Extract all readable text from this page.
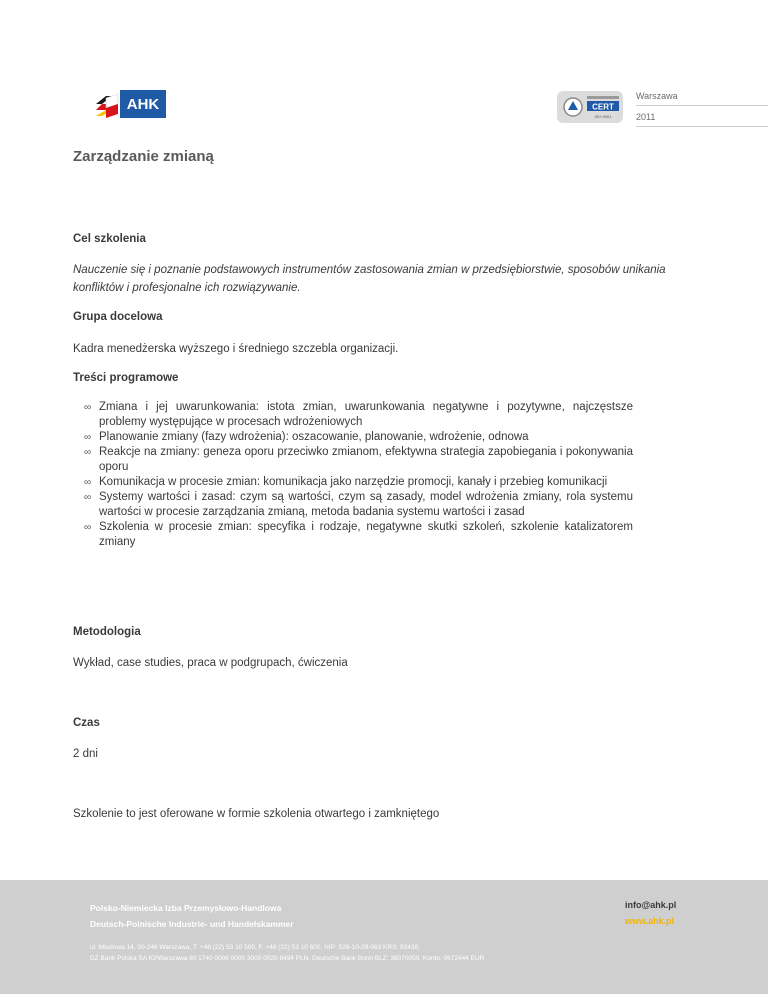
AHK	CERT
ISO 9001
Warszawa
2011
Zarządzanie zmianą
Cel szkolenia
Nauczenie się i poznanie podstawowych instrumentów zastosowania zmian w przedsiębiorstwie, sposobów unikania konfliktów i profesjonalne ich rozwiązywanie.
Grupa docelowa
Kadra menedżerska wyższego i średniego szczebla organizacji.
Treści programowe
∞ Zmiana i jej uwarunkowania: istota zmian, uwarunkowania negatywne i pozytywne, najczęstsze problemy występujące w procesach wdrożeniowych
∞ Planowanie zmiany (fazy wdrożenia): oszacowanie, planowanie, wdrożenie, odnowa
∞ Reakcje na zmiany: geneza oporu przeciwko zmianom, efektywna strategia zapobiegania i pokonywania oporu
∞ Komunikacja w procesie zmian: komunikacja jako narzędzie promocji, kanały i przebieg komunikacji
∞ Systemy wartości i zasad: czym są wartości, czym są zasady, model wdrożenia zmiany, rola systemu wartości w procesie zarządzania zmianą, metoda badania systemu wartości i zasad
∞ Szkolenia w procesie zmian: specyfika i rodzaje, negatywne skutki szkoleń, szkolenie katalizatorem zmiany
Metodologia
Wykład, case studies, praca w podgrupach, ćwiczenia
Czas
2 dni
Szkolenie to jest oferowane w formie szkolenia otwartego i zamkniętego
Polsko-Niemiecka Izba Przemysłowo-Handlowa
Deutsch-Polnische Industrie- und Handelskammer
ul. Miodowa 14, 00-246 Warszawa, T. +48 (22) 53 10 500, F. +48 (22) 53 10 600, NIP: 526-10-29-063 KRS: 93438,
DZ Bank Polska SA IO/Warszawa 80 1740 0006 0000 3000 0020 8494 PLN, Deutsche Bank Bonn BLZ: 38070059, Konto: 0672444 EUR
info@ahk.pl
www.ahk.pl
